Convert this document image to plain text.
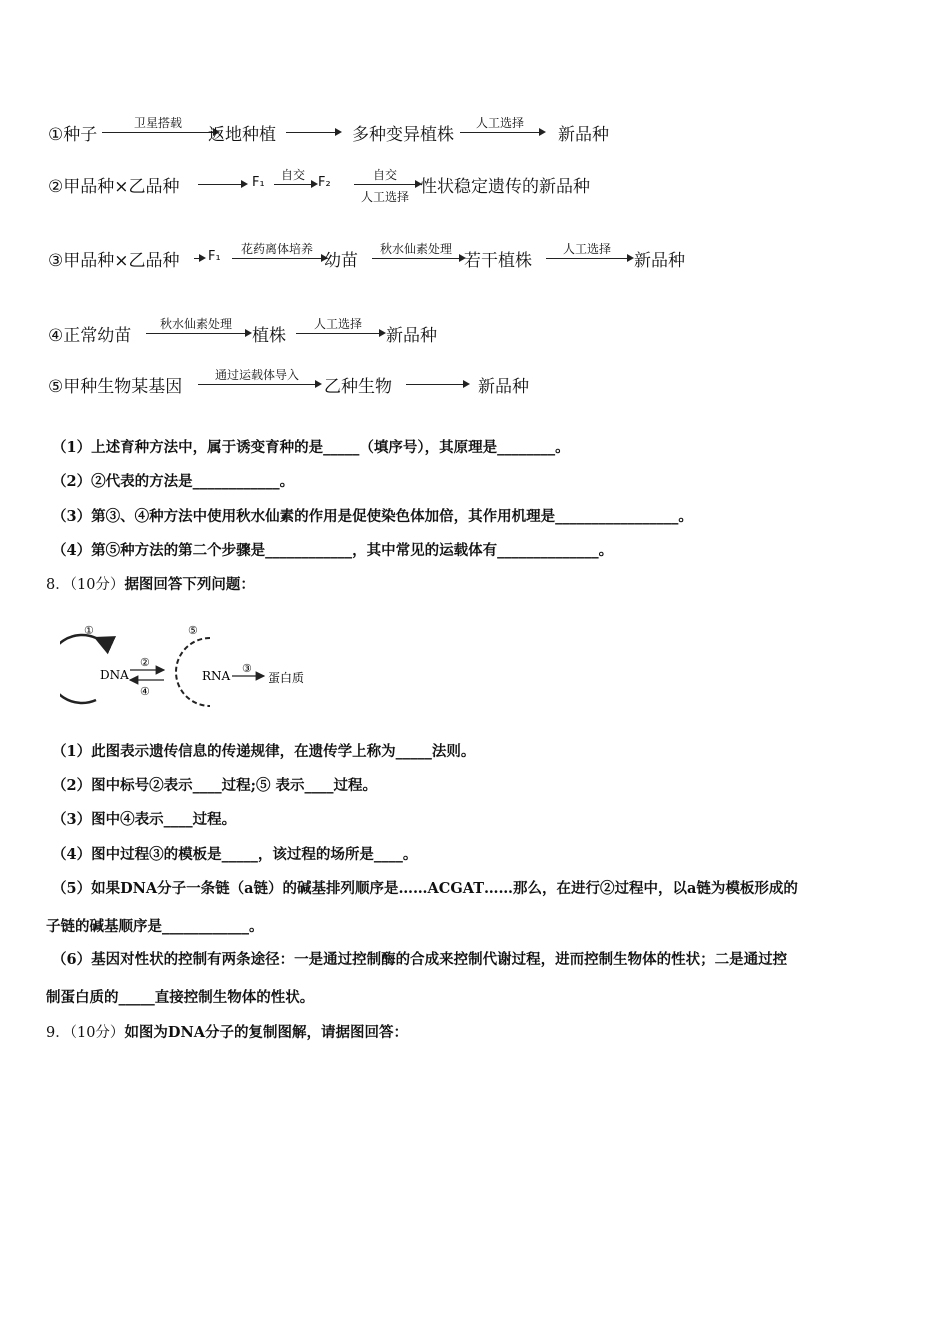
①种子
卫星搭载
返地种植	多种变异植株
人工选择
新品种
②甲品种×乙品种	F₁	自交	F₂	自交
人工选择 性状稳定遗传的新品种
③甲品种×乙品种 F₁	花药离体培养
幼苗
秋水仙素处理
若干植株
人工选择
新品种
④正常幼苗
秋水仙素处理
植株
人工选择
新品种
⑤甲种生物某基因
通过运载体导入
乙种生物	新品种
（1）上述育种方法中，属于诱变育种的是_____（填序号），其原理是________。
（2）②代表的方法是____________。
（3）第③、④种方法中使用秋水仙素的作用是促使染色体加倍，其作用机理是_________________。
（4）第⑤种方法的第二个步骤是____________，其中常见的运载体有______________。
8．（10分）据图回答下列问题：
①
DNA
②
④
⑤
RNA
③
蛋白质
（1）此图表示遗传信息的传递规律，在遗传学上称为_____法则。
（2）图中标号②表示____过程;⑤ 表示____过程。
（3）图中④表示____过程。
（4）图中过程③的模板是_____，该过程的场所是____。
（5）如果DNA分子一条链（a链）的碱基排列顺序是……ACGAT……那么，在进行②过程中，以a链为模板形成的
子链的碱基顺序是____________。
（6）基因对性状的控制有两条途径：一是通过控制酶的合成来控制代谢过程，进而控制生物体的性状；二是通过控
制蛋白质的_____直接控制生物体的性状。
9．（10分）如图为DNA分子的复制图解，请据图回答：
